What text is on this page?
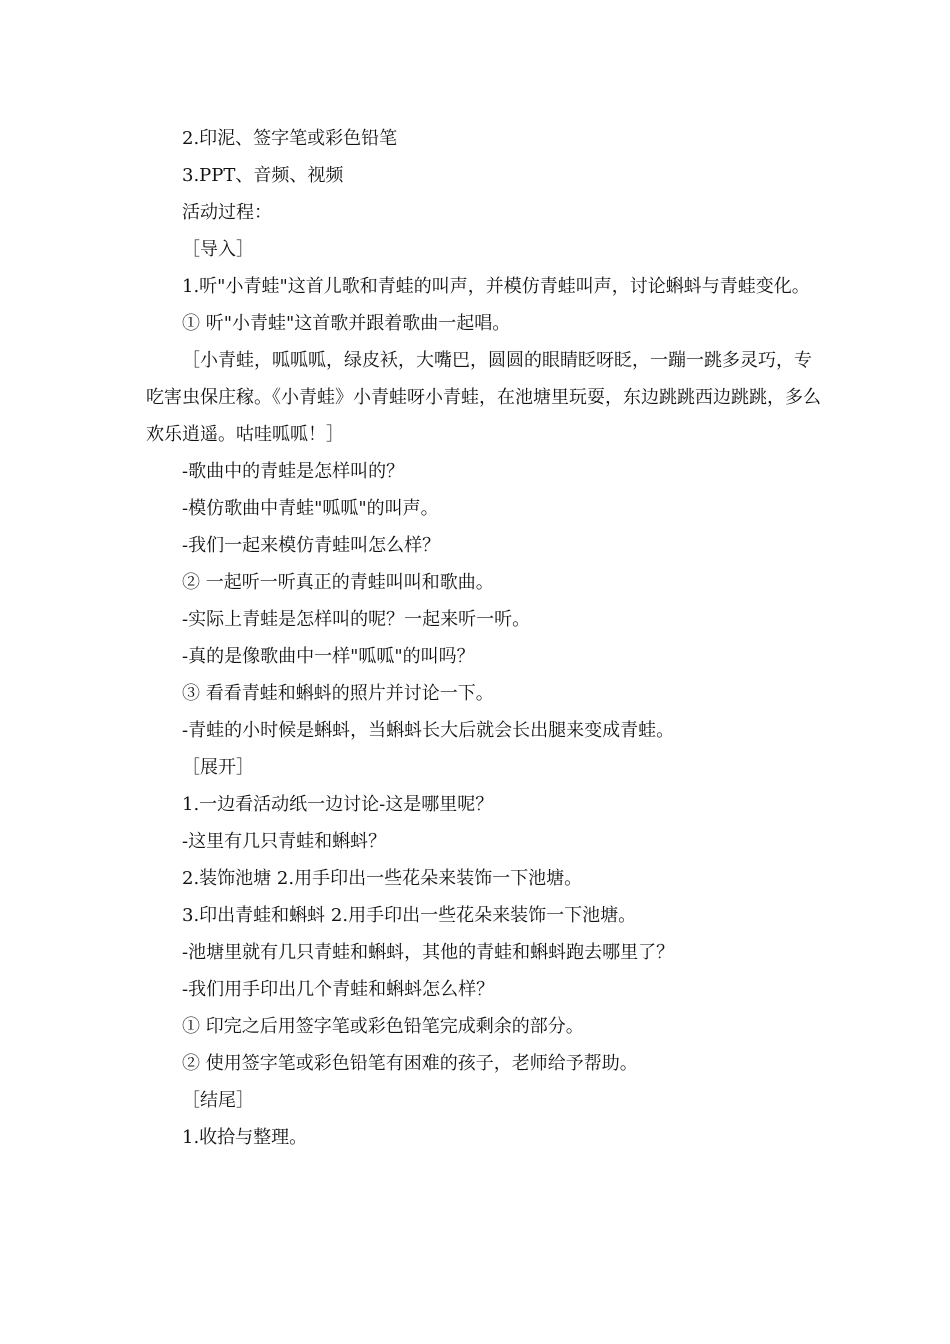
2.印泥、签字笔或彩色铅笔

3.PPT、音频、视频

活动过程：

［导入］

1.听"小青蛙"这首儿歌和青蛙的叫声，并模仿青蛙叫声，讨论蝌蚪与青蛙变化。

① 听"小青蛙"这首歌并跟着歌曲一起唱。

［小青蛙，呱呱呱，绿皮袄，大嘴巴，圆圆的眼睛眨呀眨，一蹦一跳多灵巧，专吃害虫保庄稼。《小青蛙》小青蛙呀小青蛙，在池塘里玩耍，东边跳跳西边跳跳，多么欢乐逍遥。咕哇呱呱！］

-歌曲中的青蛙是怎样叫的？

-模仿歌曲中青蛙"呱呱"的叫声。

-我们一起来模仿青蛙叫怎么样？

② 一起听一听真正的青蛙叫叫和歌曲。

-实际上青蛙是怎样叫的呢？一起来听一听。

-真的是像歌曲中一样"呱呱"的叫吗？

③ 看看青蛙和蝌蚪的照片并讨论一下。

-青蛙的小时候是蝌蚪，当蝌蚪长大后就会长出腿来变成青蛙。

［展开］

1.一边看活动纸一边讨论-这是哪里呢？

-这里有几只青蛙和蝌蚪？

2.装饰池塘 2.用手印出一些花朵来装饰一下池塘。

3.印出青蛙和蝌蚪 2.用手印出一些花朵来装饰一下池塘。

-池塘里就有几只青蛙和蝌蚪，其他的青蛙和蝌蚪跑去哪里了？

-我们用手印出几个青蛙和蝌蚪怎么样？

① 印完之后用签字笔或彩色铅笔完成剩余的部分。

② 使用签字笔或彩色铅笔有困难的孩子，老师给予帮助。

［结尾］

1.收拾与整理。
